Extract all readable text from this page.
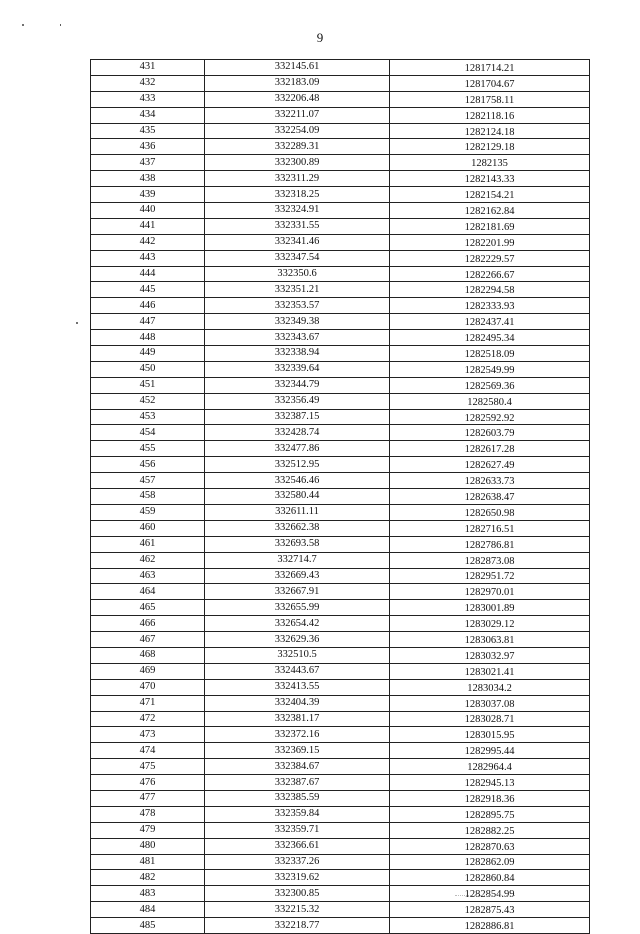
9
431	332145.61	1281714.21
432	332183.09	1281704.67
433	332206.48	1281758.11
434	332211.07	1282118.16
435	332254.09	1282124.18
436	332289.31	1282129.18
437	332300.89	1282135
438	332311.29	1282143.33
439	332318.25	1282154.21
440	332324.91	1282162.84
441	332331.55	1282181.69
442	332341.46	1282201.99
443	332347.54	1282229.57
444	332350.6	1282266.67
445	332351.21	1282294.58
446	332353.57	1282333.93
447	332349.38	1282437.41
448	332343.67	1282495.34
449	332338.94	1282518.09
450	332339.64	1282549.99
451	332344.79	1282569.36
452	332356.49	1282580.4
453	332387.15	1282592.92
454	332428.74	1282603.79
455	332477.86	1282617.28
456	332512.95	1282627.49
457	332546.46	1282633.73
458	332580.44	1282638.47
459	332611.11	1282650.98
460	332662.38	1282716.51
461	332693.58	1282786.81
462	332714.7	1282873.08
463	332669.43	1282951.72
464	332667.91	1282970.01
465	332655.99	1283001.89
466	332654.42	1283029.12
467	332629.36	1283063.81
468	332510.5	1283032.97
469	332443.67	1283021.41
470	332413.55	1283034.2
471	332404.39	1283037.08
472	332381.17	1283028.71
473	332372.16	1283015.95
474	332369.15	1282995.44
475	332384.67	1282964.4
476	332387.67	1282945.13
477	332385.59	1282918.36
478	332359.84	1282895.75
479	332359.71	1282882.25
480	332366.61	1282870.63
481	332337.26	1282862.09
482	332319.62	1282860.84
483	332300.85	1282854.99
484	332215.32	1282875.43
485	332218.77	1282886.81
